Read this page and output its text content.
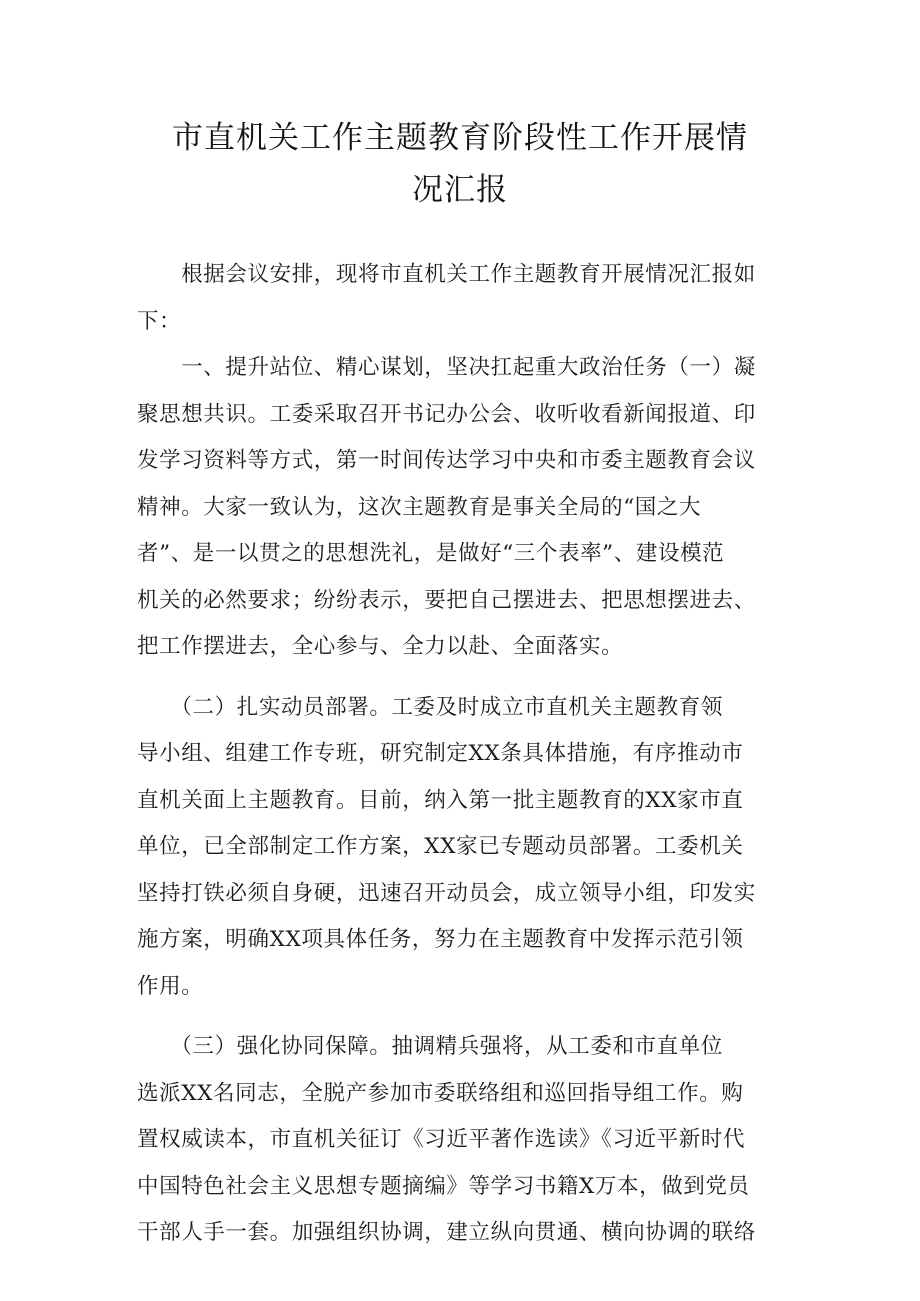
市直机关工作主题教育阶段性工作开展情
况汇报
　　根据会议安排，现将市直机关工作主题教育开展情况汇报如
下：
　　一、提升站位、精心谋划，坚决扛起重大政治任务（一）凝
聚思想共识。工委采取召开书记办公会、收听收看新闻报道、印
发学习资料等方式，第一时间传达学习中央和市委主题教育会议
精神。大家一致认为，这次主题教育是事关全局的“国之大
者”、是一以贯之的思想洗礼，是做好“三个表率”、建设模范
机关的必然要求；纷纷表示，要把自己摆进去、把思想摆进去、
把工作摆进去，全心参与、全力以赴、全面落实。
　　（二）扎实动员部署。工委及时成立市直机关主题教育领
导小组、组建工作专班，研究制定XX条具体措施，有序推动市
直机关面上主题教育。目前，纳入第一批主题教育的XX家市直
单位，已全部制定工作方案，XX家已专题动员部署。工委机关
坚持打铁必须自身硬，迅速召开动员会，成立领导小组，印发实
施方案，明确XX项具体任务，努力在主题教育中发挥示范引领
作用。
　　（三）强化协同保障。抽调精兵强将，从工委和市直单位
选派XX名同志，全脱产参加市委联络组和巡回指导组工作。购
置权威读本，市直机关征订《习近平著作选读》《习近平新时代
中国特色社会主义思想专题摘编》等学习书籍X万本，做到党员
干部人手一套。加强组织协调，建立纵向贯通、横向协调的联络
